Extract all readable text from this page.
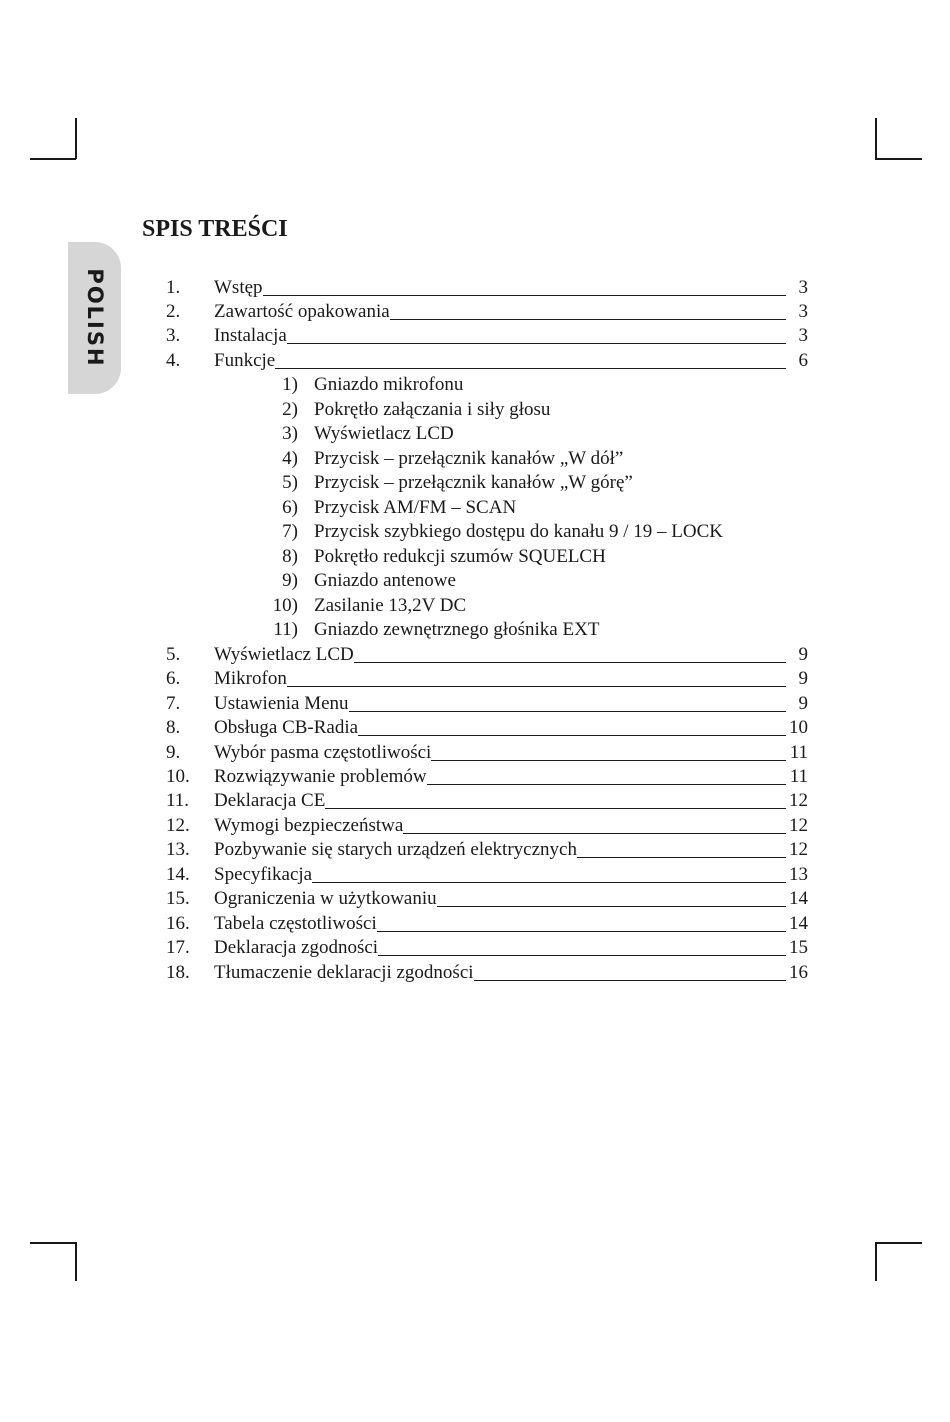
POLISH
SPIS TREŚCI
1. Wstęp	3
2. Zawartość opakowania	3
3. Instalacja	3
4. Funkcje	6
5. Wyświetlacz LCD	9
6. Mikrofon	9
7. Ustawienia Menu	9
8. Obsługa CB-Radia	10
9. Wybór pasma częstotliwości	11
10. Rozwiązywanie problemów	11
11. Deklaracja CE	12
12. Wymogi bezpieczeństwa	12
13. Pozbywanie się starych urządzeń elektrycznych	12
14. Specyfikacja	13
15. Ograniczenia w użytkowaniu	14
16. Tabela częstotliwości	14
17. Deklaracja zgodności	15
18. Tłumaczenie deklaracji zgodności	16
1) Gniazdo mikrofonu
2) Pokrętło załączania i siły głosu
3) Wyświetlacz LCD
4) Przycisk – przełącznik kanałów „W dół”
5) Przycisk – przełącznik kanałów „W górę”
6) Przycisk AM/FM – SCAN
7) Przycisk szybkiego dostępu do kanału 9 / 19 – LOCK
8) Pokrętło redukcji szumów SQUELCH
9) Gniazdo antenowe
10) Zasilanie 13,2V DC
11) Gniazdo zewnętrznego głośnika EXT
